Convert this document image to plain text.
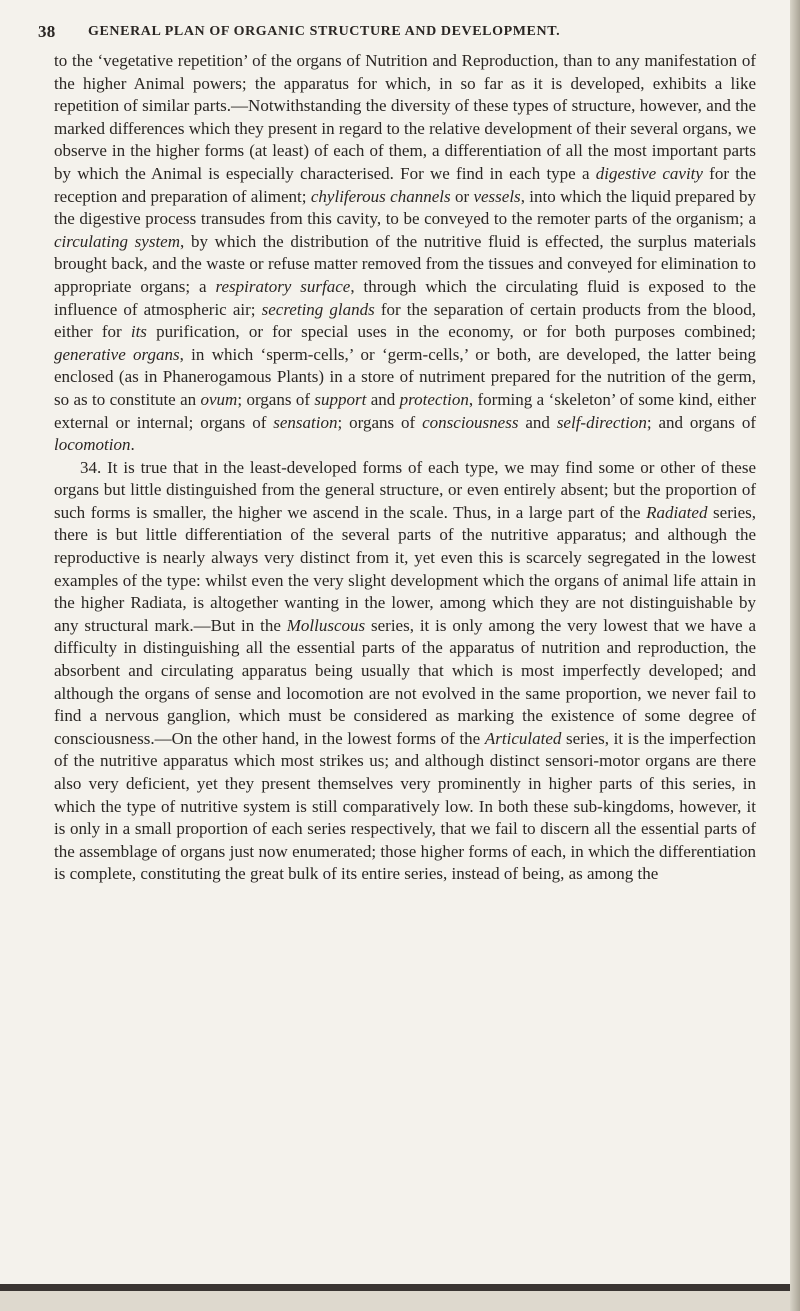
38 GENERAL PLAN OF ORGANIC STRUCTURE AND DEVELOPMENT.

to the ‘vegetative repetition’ of the organs of Nutrition and Reproduction, than to any manifestation of the higher Animal powers; the apparatus for which, in so far as it is developed, exhibits a like repetition of similar parts.—Notwithstanding the diversity of these types of structure, however, and the marked differences which they present in regard to the relative development of their several organs, we observe in the higher forms (at least) of each of them, a differentiation of all the most important parts by which the Animal is especially characterised. For we find in each type a digestive cavity for the reception and preparation of aliment; chyliferous channels or vessels, into which the liquid prepared by the digestive process transudes from this cavity, to be conveyed to the remoter parts of the organism; a circulating system, by which the distribution of the nutritive fluid is effected, the surplus materials brought back, and the waste or refuse matter removed from the tissues and conveyed for elimination to appropriate organs; a respiratory surface, through which the circulating fluid is exposed to the influence of atmospheric air; secreting glands for the separation of certain products from the blood, either for its purification, or for special uses in the economy, or for both purposes combined; generative organs, in which ‘sperm-cells,’ or ‘germ-cells,’ or both, are developed, the latter being enclosed (as in Phanerogamous Plants) in a store of nutriment prepared for the nutrition of the germ, so as to constitute an ovum; organs of support and protection, forming a ‘skeleton’ of some kind, either external or internal; organs of sensation; organs of consciousness and self-direction; and organs of locomotion.

34. It is true that in the least-developed forms of each type, we may find some or other of these organs but little distinguished from the general structure, or even entirely absent; but the proportion of such forms is smaller, the higher we ascend in the scale. Thus, in a large part of the Radiated series, there is but little differentiation of the several parts of the nutritive apparatus; and although the reproductive is nearly always very distinct from it, yet even this is scarcely segregated in the lowest examples of the type: whilst even the very slight development which the organs of animal life attain in the higher Radiata, is altogether wanting in the lower, among which they are not distinguishable by any structural mark.—But in the Molluscous series, it is only among the very lowest that we have a difficulty in distinguishing all the essential parts of the apparatus of nutrition and reproduction, the absorbent and circulating apparatus being usually that which is most imperfectly developed; and although the organs of sense and locomotion are not evolved in the same proportion, we never fail to find a nervous ganglion, which must be considered as marking the existence of some degree of consciousness.—On the other hand, in the lowest forms of the Articulated series, it is the imperfection of the nutritive apparatus which most strikes us; and although distinct sensori-motor organs are there also very deficient, yet they present themselves very prominently in higher parts of this series, in which the type of nutritive system is still comparatively low. In both these sub-kingdoms, however, it is only in a small proportion of each series respectively, that we fail to discern all the essential parts of the assemblage of organs just now enumerated; those higher forms of each, in which the differentiation is complete, constituting the great bulk of its entire series, instead of being, as among the
